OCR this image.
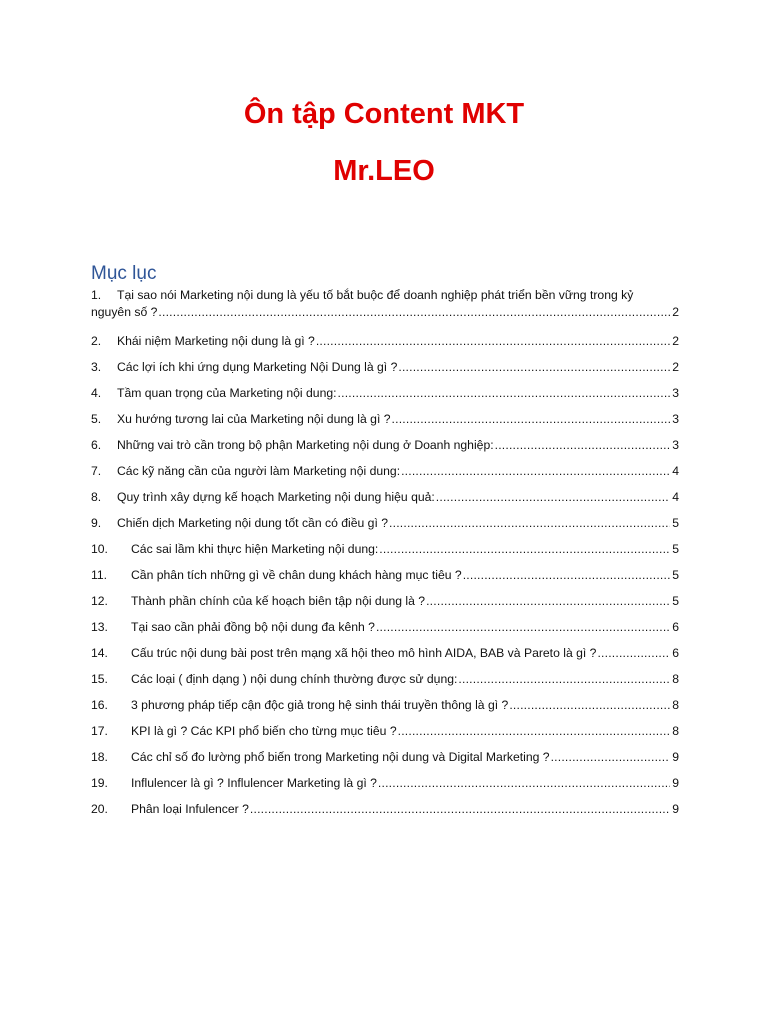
Ôn tập Content MKT
Mr.LEO
Mục lục
1.	Tại sao nói Marketing nội dung là yếu tố bắt buộc để doanh nghiệp phát triển bền vững trong kỷ
nguyên số ? .....	2
2.	Khái niệm Marketing nội dung là gì ? .....	2
3.	Các lợi ích khi ứng dụng Marketing Nội Dung là gì ? .....	2
4.	Tầm quan trọng của Marketing nội dung: .....	3
5.	Xu hướng tương lai của Marketing nội dung là gì ? .....	3
6.	Những vai trò cần trong bộ phận Marketing nội dung ở Doanh nghiệp: .....	3
7.	Các kỹ năng cần của người làm Marketing nội dung: .....	4
8.	Quy trình xây dựng kế hoạch Marketing nội dung hiệu quả: .....	4
9.	Chiến dịch Marketing nội dung tốt cần có điều gì ? .....	5
10.	Các sai lầm khi thực hiện Marketing nội dung: .....	5
11.	Cần phân tích những gì về chân dung khách hàng mục tiêu ? .....	5
12.	Thành phần chính của kế hoạch biên tập nội dung là ? .....	5
13.	Tại sao cần phải đồng bộ nội dung đa kênh ? .....	6
14.	Cấu trúc nội dung bài post trên mạng xã hội theo mô hình AIDA, BAB và Pareto là gì ? .....	6
15.	Các loại ( định dạng ) nội dung chính thường được sử dụng: .....	8
16.	3 phương pháp tiếp cận độc giả trong hệ sinh thái truyền thông là gì ? .....	8
17.	KPI là gì ? Các KPI phổ biến cho từng mục tiêu ? .....	8
18.	Các chỉ số đo lường phổ biến trong Marketing nội dung và Digital Marketing ? .....	9
19.	Influlencer là gì ? Influlencer Marketing là gì ? .....	9
20.	Phân loại Infulencer ? .....	9
